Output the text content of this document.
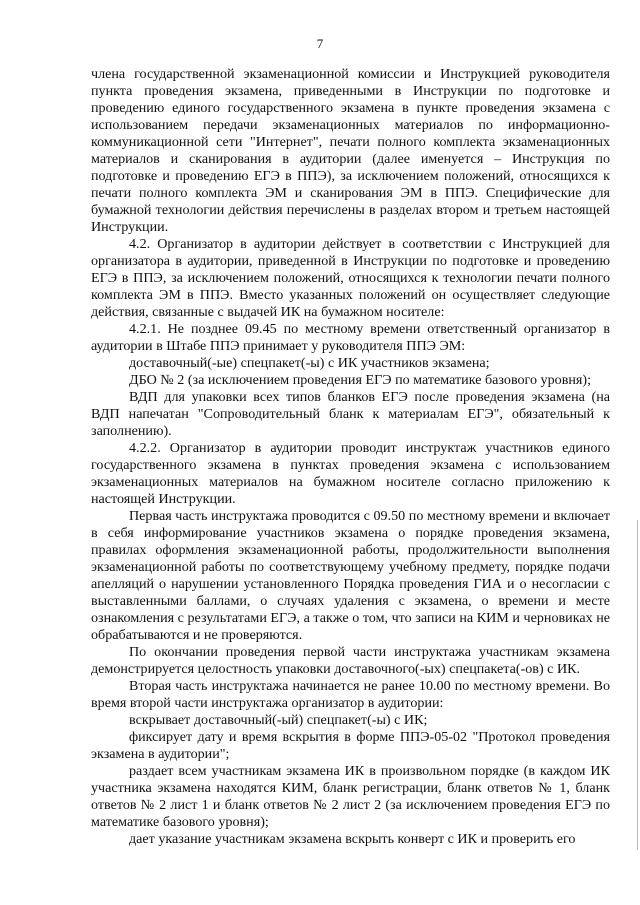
7

члена государственной экзаменационной комиссии и Инструкцией руководителя пункта проведения экзамена, приведенными в Инструкции по подготовке и проведению единого государственного экзамена в пункте проведения экзамена с использованием передачи экзаменационных материалов по информационно-коммуникационной сети "Интернет", печати полного комплекта экзаменационных материалов и сканирования в аудитории (далее именуется – Инструкция по подготовке и проведению ЕГЭ в ППЭ), за исключением положений, относящихся к печати полного комплекта ЭМ и сканирования ЭМ в ППЭ. Специфические для бумажной технологии действия перечислены в разделах втором и третьем настоящей Инструкции.

4.2. Организатор в аудитории действует в соответствии с Инструкцией для организатора в аудитории, приведенной в Инструкции по подготовке и проведению ЕГЭ в ППЭ, за исключением положений, относящихся к технологии печати полного комплекта ЭМ в ППЭ. Вместо указанных положений он осуществляет следующие действия, связанные с выдачей ИК на бумажном носителе:

4.2.1. Не позднее 09.45 по местному времени ответственный организатор в аудитории в Штабе ППЭ принимает у руководителя ППЭ ЭМ:

доставочный(-ые) спецпакет(-ы) с ИК участников экзамена;

ДБО № 2 (за исключением проведения ЕГЭ по математике базового уровня);

ВДП для упаковки всех типов бланков ЕГЭ после проведения экзамена (на ВДП напечатан "Сопроводительный бланк к материалам ЕГЭ", обязательный к заполнению).

4.2.2. Организатор в аудитории проводит инструктаж участников единого государственного экзамена в пунктах проведения экзамена с использованием экзаменационных материалов на бумажном носителе согласно приложению к настоящей Инструкции.

Первая часть инструктажа проводится с 09.50 по местному времени и включает в себя информирование участников экзамена о порядке проведения экзамена, правилах оформления экзаменационной работы, продолжительности выполнения экзаменационной работы по соответствующему учебному предмету, порядке подачи апелляций о нарушении установленного Порядка проведения ГИА и о несогласии с выставленными баллами, о случаях удаления с экзамена, о времени и месте ознакомления с результатами ЕГЭ, а также о том, что записи на КИМ и черновиках не обрабатываются и не проверяются.

По окончании проведения первой части инструктажа участникам экзамена демонстрируется целостность упаковки доставочного(-ых) спецпакета(-ов) с ИК.

Вторая часть инструктажа начинается не ранее 10.00 по местному времени. Во время второй части инструктажа организатор в аудитории:

вскрывает доставочный(-ый) спецпакет(-ы) с ИК;

фиксирует дату и время вскрытия в форме ППЭ-05-02 "Протокол проведения экзамена в аудитории";

раздает всем участникам экзамена ИК в произвольном порядке (в каждом ИК участника экзамена находятся КИМ, бланк регистрации, бланк ответов № 1, бланк ответов № 2 лист 1 и бланк ответов № 2 лист 2 (за исключением проведения ЕГЭ по математике базового уровня);

дает указание участникам экзамена вскрыть конверт с ИК и проверить его
